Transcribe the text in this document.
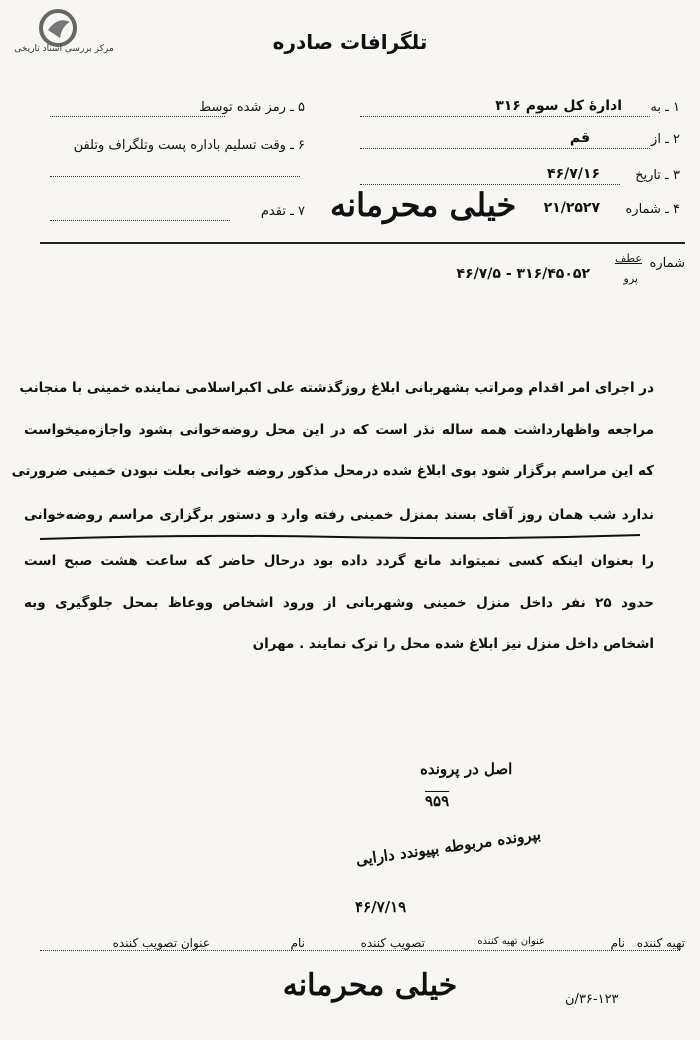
مرکز بررسی اسناد تاریخی	تلگرافات صادره
۱ ـ به
ادارهٔ کل سوم ۳۱۶
۲ ـ از
قم
۳ ـ تاریخ
۴۶/۷/۱۶
۴ ـ شماره
۲۱/۲۵۲۷
۵ ـ رمز شده توسط
۶ ـ وقت تسلیم باداره پست وتلگراف وتلفن
۷ ـ تقدم خیلی محرمانه
شماره
عطف
پرو
۳۱۶/۴۵۰۵۲ - ۴۶/۷/۵
در اجرای امر اقدام ومراتب بشهربانی ابلاغ روزگذشته علی اکبراسلامی نماینده خمینی با منجانب
مراجعه واظهارداشت همه ساله نذر است که در این محل روضه‌خوانی بشود واجازه‌میخواست
که این مراسم برگزار شود بوی ابلاغ شده درمحل مذکور روضه خوانی بعلت نبودن خمینی ضرورتی
ندارد شب همان روز آقای بسند بمنزل خمینی رفته وارد و دستور برگزاری مراسم روضه‌خوانی
را بعنوان اینکه کسی نمیتواند مانع گردد داده بود درحال حاضر که ساعت هشت صبح است
حدود ۲۵ نفر داخل منزل خمینی وشهربانی از ورود اشخاص ووعاظ بمحل جلوگیری وبه
اشخاص داخل منزل نیز ابلاغ شده محل را ترک نمایند . مهران
اصل در پرونده
۹۵۹
بپرونده مربوطه بپیوندد دارایی
۴۶/۷/۱۹
تهیه کننده
نام
عنوان تهیه کننده
تصویب کننده
نام
عنوان تصویب کننده
خیلی محرمانه	۳۶-۱۲۳/ن
